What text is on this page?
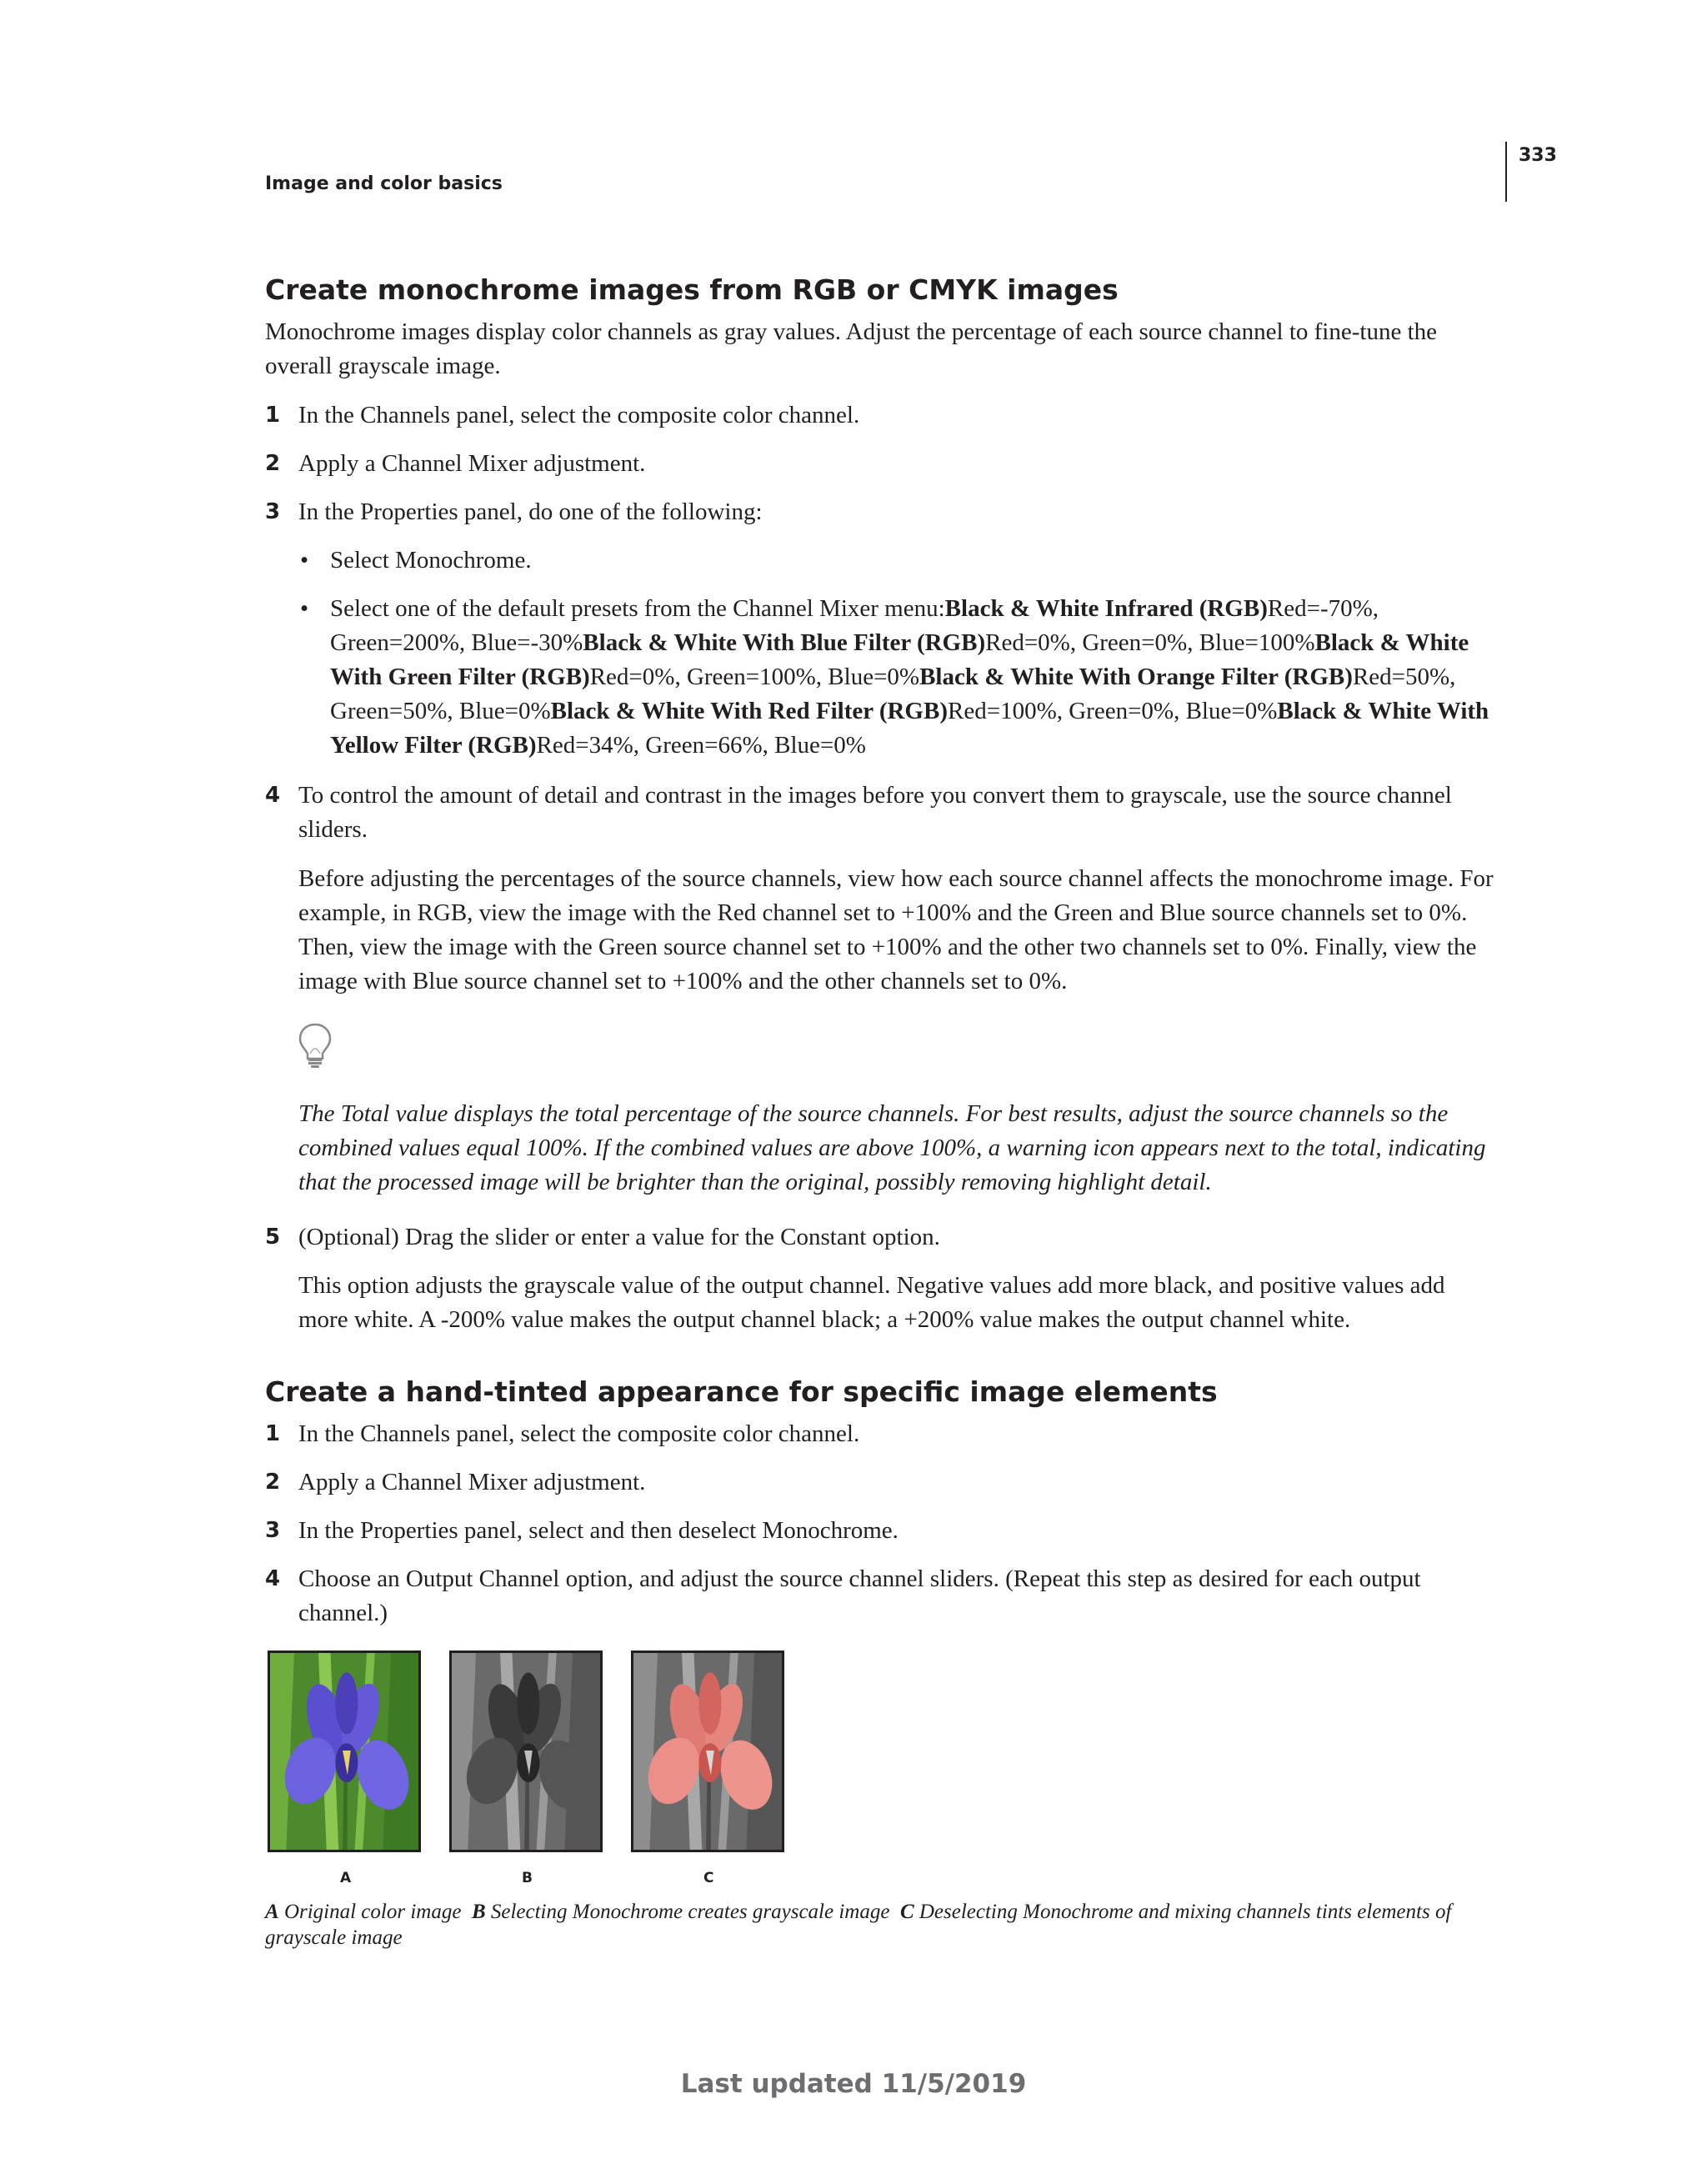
Image and color basics
333
Create monochrome images from RGB or CMYK images

Monochrome images display color channels as gray values. Adjust the percentage of each source channel to fine-tune the overall grayscale image.

1 In the Channels panel, select the composite color channel.
2 Apply a Channel Mixer adjustment.
3 In the Properties panel, do one of the following:
• Select Monochrome.
• Select one of the default presets from the Channel Mixer menu:Black & White Infrared (RGB)Red=-70%, Green=200%, Blue=-30%Black & White With Blue Filter (RGB)Red=0%, Green=0%, Blue=100%Black & White With Green Filter (RGB)Red=0%, Green=100%, Blue=0%Black & White With Orange Filter (RGB)Red=50%, Green=50%, Blue=0%Black & White With Red Filter (RGB)Red=100%, Green=0%, Blue=0%Black & White With Yellow Filter (RGB)Red=34%, Green=66%, Blue=0%
4 To control the amount of detail and contrast in the images before you convert them to grayscale, use the source channel sliders.

Before adjusting the percentages of the source channels, view how each source channel affects the monochrome image. For example, in RGB, view the image with the Red channel set to +100% and the Green and Blue source channels set to 0%. Then, view the image with the Green source channel set to +100% and the other two channels set to 0%. Finally, view the image with Blue source channel set to +100% and the other channels set to 0%.

The Total value displays the total percentage of the source channels. For best results, adjust the source channels so the combined values equal 100%. If the combined values are above 100%, a warning icon appears next to the total, indicating that the processed image will be brighter than the original, possibly removing highlight detail.

5 (Optional) Drag the slider or enter a value for the Constant option.

This option adjusts the grayscale value of the output channel. Negative values add more black, and positive values add more white. A -200% value makes the output channel black; a +200% value makes the output channel white.

Create a hand-tinted appearance for specific image elements
1 In the Channels panel, select the composite color channel.
2 Apply a Channel Mixer adjustment.
3 In the Properties panel, select and then deselect Monochrome.
4 Choose an Output Channel option, and adjust the source channel sliders. (Repeat this step as desired for each output channel.)
A	B	C

A Original color image B Selecting Monochrome creates grayscale image C Deselecting Monochrome and mixing channels tints elements of grayscale image

Last updated 11/5/2019
